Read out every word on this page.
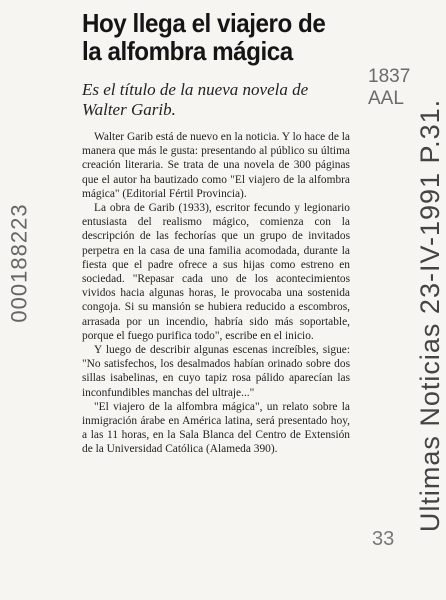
Hoy llega el viajero de la alfombra mágica

Es el título de la nueva novela de Walter Garib.

Walter Garib está de nuevo en la noticia. Y lo hace de la manera que más le gusta: presentando al público su última creación literaria. Se trata de una novela de 300 páginas que el autor ha bautizado como "El viajero de la alfombra mágica" (Editorial Fértil Provincia).

La obra de Garib (1933), escritor fecundo y legionario entusiasta del realismo mágico, comienza con la descripción de las fechorías que un grupo de invitados perpetra en la casa de una familia acomodada, durante la fiesta que el padre ofrece a sus hijas como estreno en sociedad. "Repasar cada uno de los acontecimientos vividos hacia algunas horas, le provocaba una sostenida congoja. Si su mansión se hubiera reducido a escombros, arrasada por un incendio, habría sido más soportable, porque el fuego purifica todo", escribe en el inicio.

Y luego de describir algunas escenas increíbles, sigue: "No satisfechos, los desalmados habían orinado sobre dos sillas isabelinas, en cuyo tapiz rosa pálido aparecían las inconfundibles manchas del ultraje..."

"El viajero de la alfombra mágica", un relato sobre la inmigración árabe en América latina, será presentado hoy, a las 11 horas, en la Sala Blanca del Centro de Extensión de la Universidad Católica (Alameda 390).

000188223
1837
AAL
Ultimas Noticias 23-IV-1991 P.31.
33
